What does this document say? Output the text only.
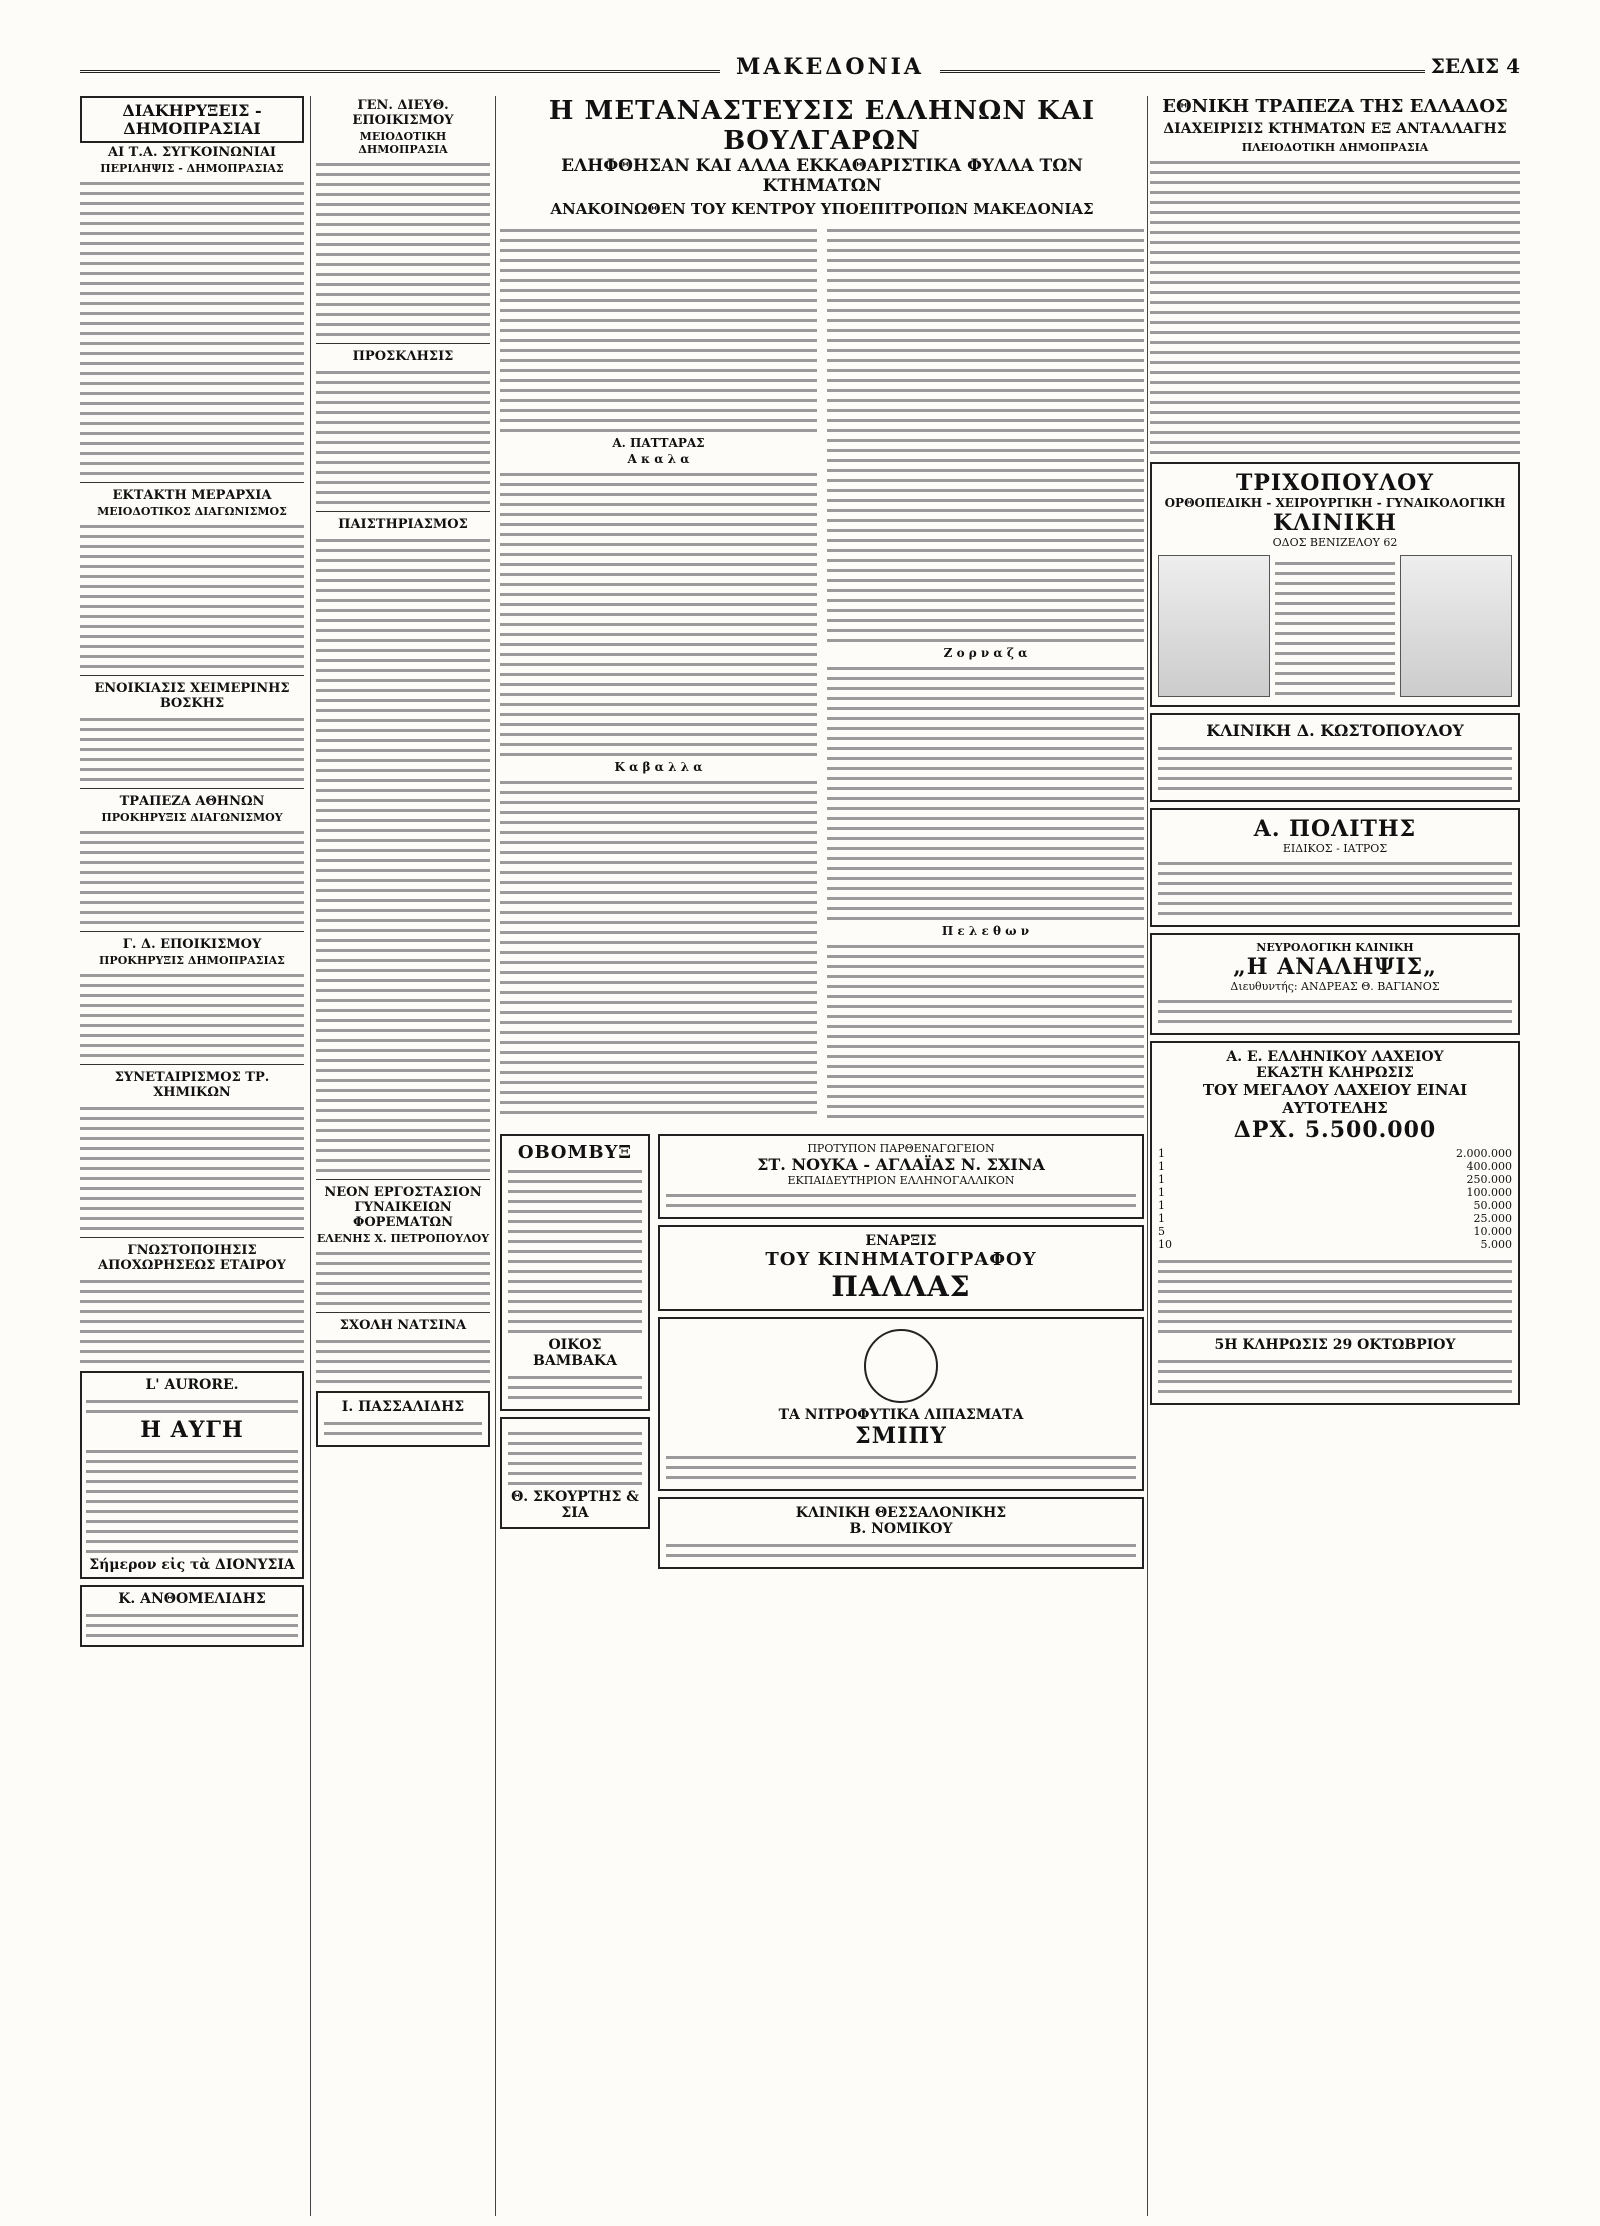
ΜΑΚΕΔΟΝΙΑ	ΣΕΛΙΣ 4
ΔΙΑΚΗΡΥΞΕΙΣ - ΔΗΜΟΠΡΑΣΙΑΙ
ΑΙ Τ.Α. ΣΥΓΚΟΙΝΩΝΙΑΙ
ΠΕΡΙΛΗΨΙΣ - ΔΗΜΟΠΡΑΣΙΑΣ
ΕΚΤΑΚΤΗ ΜΕΡΑΡΧΙΑ
ΜΕΙΟΔΟΤΙΚΟΣ ΔΙΑΓΩΝΙΣΜΟΣ
ΕΝΟΙΚΙΑΣΙΣ ΧΕΙΜΕΡΙΝΗΣ ΒΟΣΚΗΣ
ΤΡΑΠΕΖΑ ΑΘΗΝΩΝ
ΠΡΟΚΗΡΥΞΙΣ ΔΙΑΓΩΝΙΣΜΟΥ
Γ. Δ. ΕΠΟΙΚΙΣΜΟΥ
ΠΡΟΚΗΡΥΞΙΣ ΔΗΜΟΠΡΑΣΙΑΣ
ΣΥΝΕΤΑΙΡΙΣΜΟΣ ΤΡ. ΧΗΜΙΚΩΝ
ΓΝΩΣΤΟΠΟΙΗΣΙΣ ΑΠΟΧΩΡΗΣΕΩΣ ΕΤΑΙΡΟΥ
L' AURORE.
Η ΑΥΓΗ
Σήμερον εἰς τὰ ΔΙΟΝΥΣΙΑ
Κ. ΑΝΘΟΜΕΛΙΔΗΣ
ΓΕΝ. ΔΙΕΥΘ. ΕΠΟΙΚΙΣΜΟΥ
ΜΕΙΟΔΟΤΙΚΗ ΔΗΜΟΠΡΑΣΙΑ
ΠΡΟΣΚΛΗΣΙΣ
ΠΑΙΣΤΗΡΙΑΣΜΟΣ
ΝΕΟΝ ΕΡΓΟΣΤΑΣΙΟΝ ΓΥΝΑΙΚΕΙΩΝ ΦΟΡΕΜΑΤΩΝ
ΕΛΕΝΗΣ Χ. ΠΕΤΡΟΠΟΥΛΟΥ
ΣΧΟΛΗ ΝΑΤΣΙΝΑ
Ι. ΠΑΣΣΑΛΙΔΗΣ
Η ΜΕΤΑΝΑΣΤΕΥΣΙΣ ΕΛΛΗΝΩΝ ΚΑΙ ΒΟΥΛΓΑΡΩΝ
ΕΛΗΦΘΗΣΑΝ ΚΑΙ ΑΛΛΑ ΕΚΚΑΘΑΡΙΣΤΙΚΑ ΦΥΛΛΑ ΤΩΝ ΚΤΗΜΑΤΩΝ
ΑΝΑΚΟΙΝΩΘΕΝ ΤΟΥ ΚΕΝΤΡΟΥ ΥΠΟΕΠΙΤΡΟΠΩΝ ΜΑΚΕΔΟΝΙΑΣ
Α. ΠΑΤΤΑΡΑΣ
Α κ α λ α
Κ α β α λ λ α
Ζ ο ρ ν α ζ α
Π ε λ ε θ ω ν
ΟΒΟΜΒΥΞ
ΟΙΚΟΣ ΒΑΜΒΑΚΑ
Θ. ΣΚΟΥΡΤΗΣ & ΣΙΑ
ΠΡΟΤΥΠΟΝ ΠΑΡΘΕΝΑΓΩΓΕΙΟΝ
ΣΤ. ΝΟΥΚΑ - ΑΓΛΑΪΑΣ Ν. ΣΧΙΝΑ
ΕΚΠΑΙΔΕΥΤΗΡΙΟΝ ΕΛΛΗΝΟΓΑΛΛΙΚΟΝ
ΕΝΑΡΞΙΣ
ΤΟΥ ΚΙΝΗΜΑΤΟΓΡΑΦΟΥ
ΠΑΛΛΑΣ
ΤΑ ΝΙΤΡΟΦΥΤΙΚΑ ΛΙΠΑΣΜΑΤΑ
ΣΜΙΠΥ
ΚΛΙΝΙΚΗ ΘΕΣΣΑΛΟΝΙΚΗΣ
Β. ΝΟΜΙΚΟΥ
ΕΘΝΙΚΗ ΤΡΑΠΕΖΑ ΤΗΣ ΕΛΛΑΔΟΣ
ΔΙΑΧΕΙΡΙΣΙΣ ΚΤΗΜΑΤΩΝ ΕΞ ΑΝΤΑΛΛΑΓΗΣ
ΠΛΕΙΟΔΟΤΙΚΗ ΔΗΜΟΠΡΑΣΙΑ
ΤΡΙΧΟΠΟΥΛΟΥ
ΟΡΘΟΠΕΔΙΚΗ - ΧΕΙΡΟΥΡΓΙΚΗ - ΓΥΝΑΙΚΟΛΟΓΙΚΗ
ΚΛΙΝΙΚΗ
ΟΔΟΣ ΒΕΝΙΖΕΛΟΥ 62
ΚΛΙΝΙΚΗ Δ. ΚΩΣΤΟΠΟΥΛΟΥ
Α. ΠΟΛΙΤΗΣ
ΕΙΔΙΚΟΣ - ΙΑΤΡΟΣ
ΝΕΥΡΟΛΟΓΙΚΗ ΚΛΙΝΙΚΗ
„Η ΑΝΑΛΗΨΙΣ„
Διευθυντής: ΑΝΔΡΕΑΣ Θ. ΒΑΓΙΑΝΟΣ
Α. Ε. ΕΛΛΗΝΙΚΟΥ ΛΑΧΕΙΟΥ
ΕΚΑΣΤΗ ΚΛΗΡΩΣΙΣ
ΤΟΥ ΜΕΓΑΛΟΥ ΛΑΧΕΙΟΥ ΕΙΝΑΙ ΑΥΤΟΤΕΛΗΣ
ΔΡΧ. 5.500.000
1	2.000.000
1	400.000
1	250.000
1	100.000
1	50.000
1	25.000
5	10.000
10	5.000
5Η ΚΛΗΡΩΣΙΣ 29 ΟΚΤΩΒΡΙΟΥ
